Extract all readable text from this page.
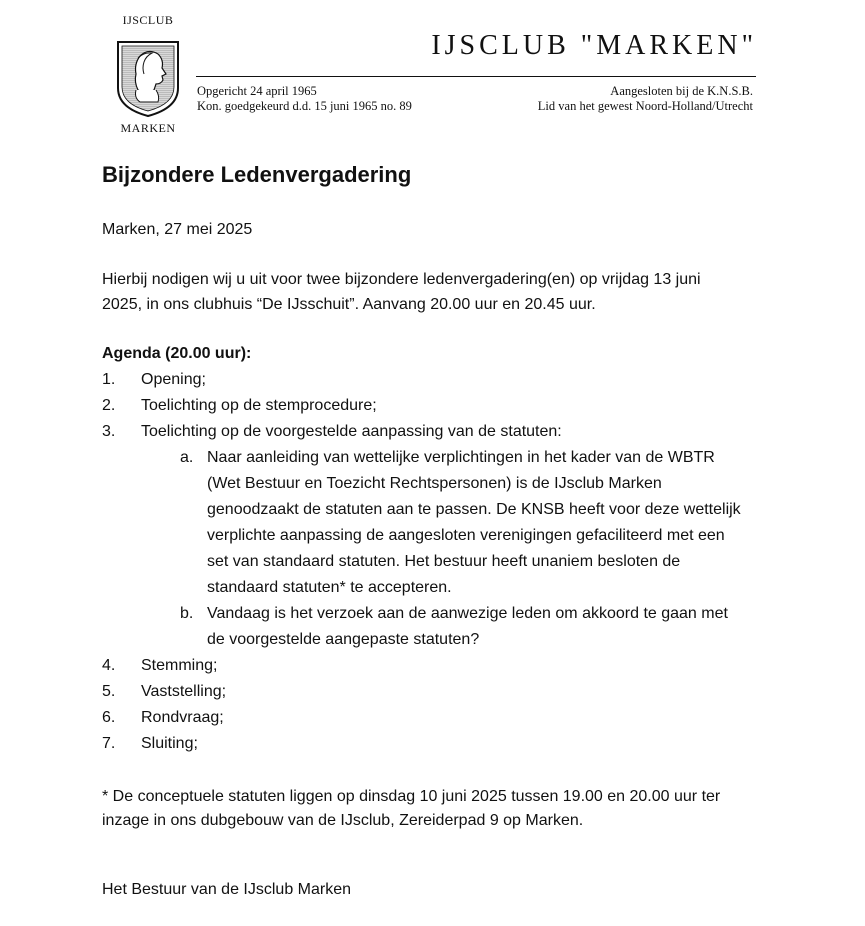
IJSCLUB
MARKEN
IJSCLUB "MARKEN"
Opgericht 24 april 1965
Kon. goedgekeurd d.d. 15 juni 1965 no. 89
Aangesloten bij de K.N.S.B.
Lid van het gewest Noord-Holland/Utrecht
Bijzondere Ledenvergadering
Marken, 27 mei 2025
Hierbij nodigen wij u uit voor twee bijzondere ledenvergadering(en) op vrijdag 13 juni
2025, in ons clubhuis “De IJsschuit”. Aanvang 20.00 uur en 20.45 uur.
Agenda (20.00 uur):
1. Opening;
2. Toelichting op de stemprocedure;
3. Toelichting op de voorgestelde aanpassing van de statuten:
a. Naar aanleiding van wettelijke verplichtingen in het kader van de WBTR
(Wet Bestuur en Toezicht Rechtspersonen) is de IJsclub Marken
genoodzaakt de statuten aan te passen. De KNSB heeft voor deze wettelijk
verplichte aanpassing de aangesloten verenigingen gefaciliteerd met een
set van standaard statuten. Het bestuur heeft unaniem besloten de
standaard statuten* te accepteren.
b. Vandaag is het verzoek aan de aanwezige leden om akkoord te gaan met
de voorgestelde aangepaste statuten?
4. Stemming;
5. Vaststelling;
6. Rondvraag;
7. Sluiting;
* De conceptuele statuten liggen op dinsdag 10 juni 2025 tussen 19.00 en 20.00 uur ter
inzage in ons dubgebouw van de IJsclub, Zereiderpad 9 op Marken.
Het Bestuur van de IJsclub Marken
